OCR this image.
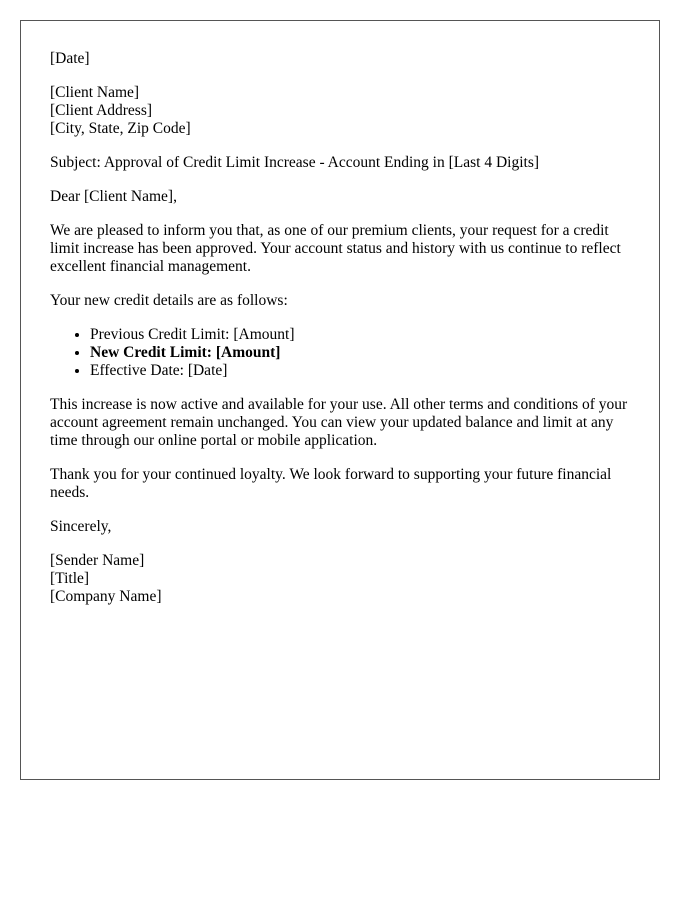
[Date]

[Client Name]
[Client Address]
[City, State, Zip Code]

Subject: Approval of Credit Limit Increase - Account Ending in [Last 4 Digits]

Dear [Client Name],

We are pleased to inform you that, as one of our premium clients, your request for a credit limit increase has been approved. Your account status and history with us continue to reflect excellent financial management.

Your new credit details are as follows:

• Previous Credit Limit: [Amount]
• New Credit Limit: [Amount]
• Effective Date: [Date]

This increase is now active and available for your use. All other terms and conditions of your account agreement remain unchanged. You can view your updated balance and limit at any time through our online portal or mobile application.

Thank you for your continued loyalty. We look forward to supporting your future financial needs.

Sincerely,

[Sender Name]
[Title]
[Company Name]
